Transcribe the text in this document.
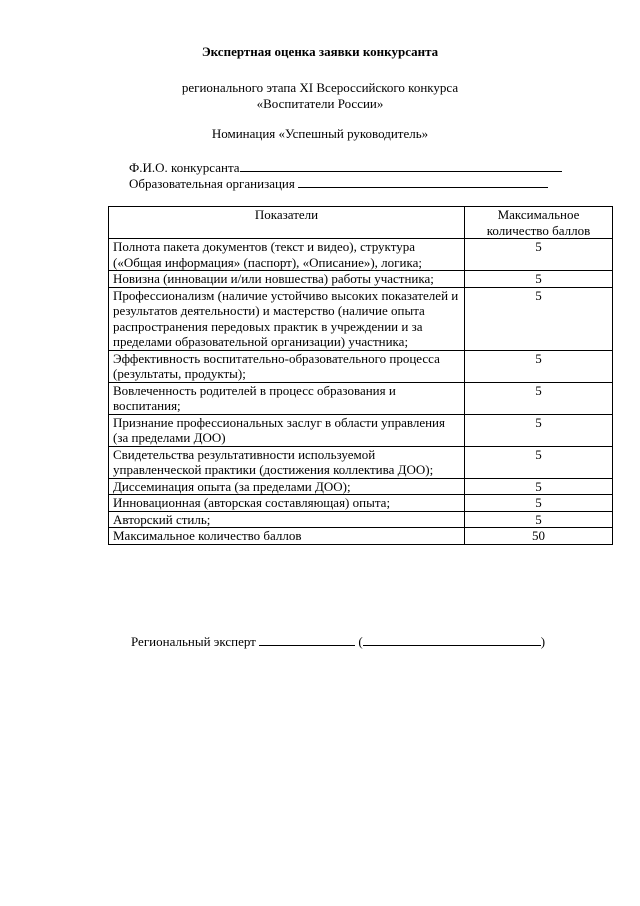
Экспертная оценка заявки конкурсанта
регионального этапа XI Всероссийского конкурса
«Воспитатели России»
Номинация «Успешный руководитель»
Ф.И.О. конкурсанта
Образовательная организация
Показатели	Максимальное количество баллов
Полнота пакета документов (текст и видео), структура («Общая информация» (паспорт), «Описание»), логика;	5
Новизна (инновации и/или новшества) работы участника;	5
Профессионализм (наличие устойчиво высоких показателей и результатов деятельности) и мастерство (наличие опыта распространения передовых практик в учреждении и за пределами образовательной организации) участника;	5
Эффективность воспитательно-образовательного процесса (результаты, продукты);	5
Вовлеченность родителей в процесс образования и воспитания;	5
Признание профессиональных заслуг в области управления (за пределами ДОО)	5
Свидетельства результативности используемой управленческой практики (достижения коллектива ДОО);	5
Диссеминация опыта (за пределами ДОО);	5
Инновационная (авторская составляющая) опыта;	5
Авторский стиль;	5
Максимальное количество баллов	50
Региональный эксперт	(	)
